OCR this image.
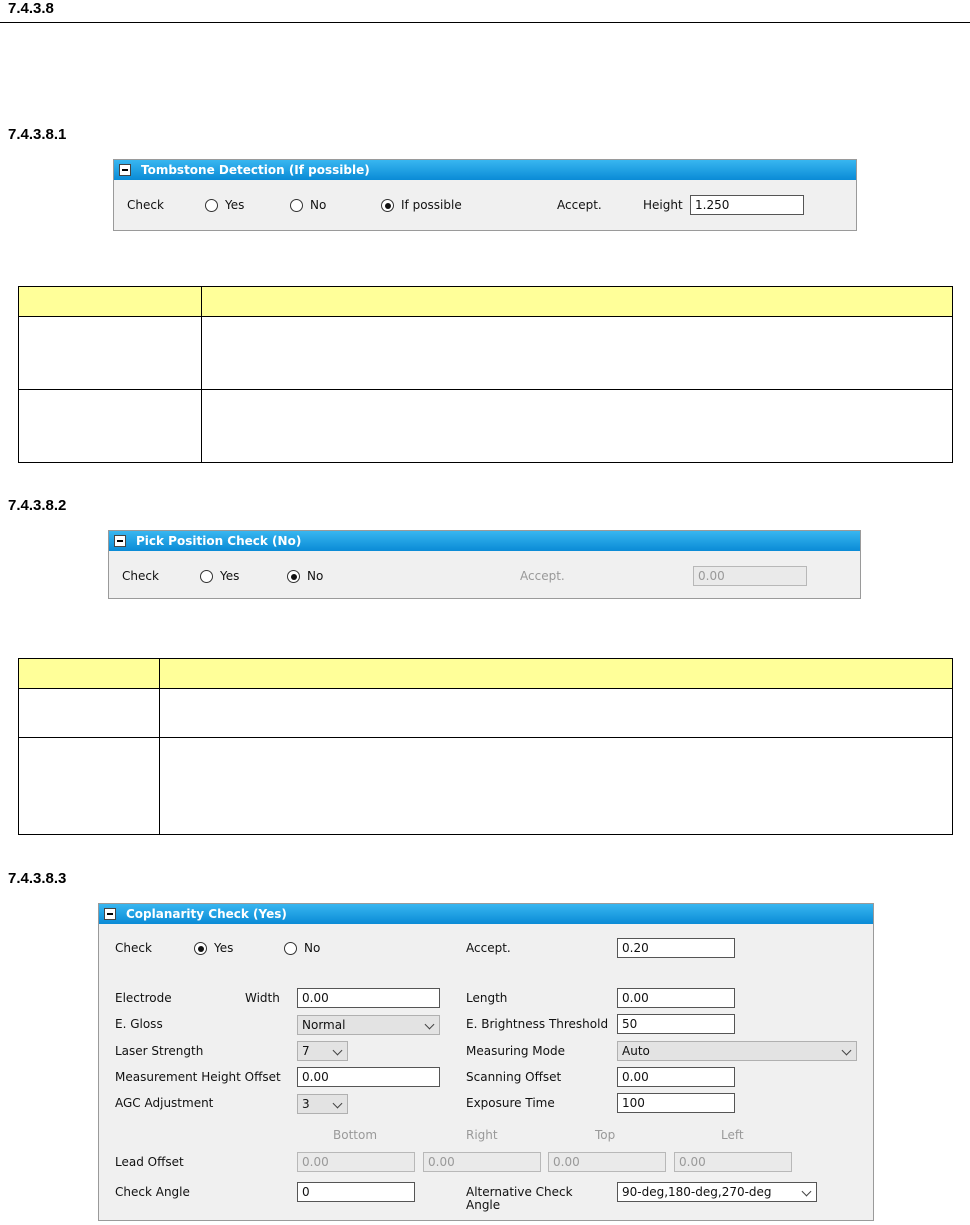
7.4.3.8
7.4.3.8.1
Tombstone Detection (If possible)
Check	Yes	No	If possible	Accept.	Height	1.250

7.4.3.8.2
Pick Position Check (No)
Check	Yes	No	Accept.	0.00

7.4.3.8.3
Coplanarity Check (Yes)
Check	Yes	No	Accept.	0.20
Electrode	Width	0.00	Length	0.00
E. Gloss	Normal	E. Brightness Threshold	50
Laser Strength	7	Measuring Mode	Auto
Measurement Height Offset	0.00	Scanning Offset	0.00
AGC Adjustment	3	Exposure Time	100
Bottom	Right	Top	Left
Lead Offset	0.00	0.00	0.00	0.00
Check Angle	0	Alternative Check
Angle
90-deg,180-deg,270-deg
